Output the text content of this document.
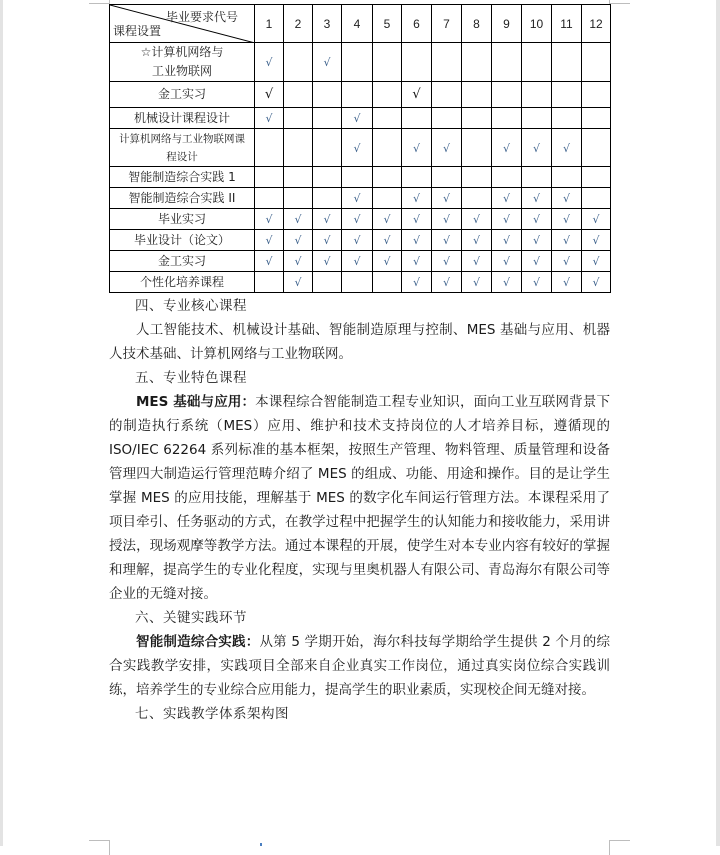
毕业要求代号
课程设置	1	2	3	4	5	6	7	8	9	10	11	12

☆计算机网络与
工业物联网	√		√									

金工实习	√					√						

机械设计课程设计	√			√								

计算机网络与工业物联网课
程设计				√		√	√		√	√	√	

智能制造综合实践 1												

智能制造综合实践 II				√		√	√		√	√	√	

毕业实习	√	√	√	√	√	√	√	√	√	√	√	√

毕业设计（论文）	√	√	√	√	√	√	√	√	√	√	√	√

金工实习	√	√	√	√	√	√	√	√	√	√	√	√

个性化培养课程		√				√	√	√	√	√	√	√
四、专业核心课程
人工智能技术、机械设计基础、智能制造原理与控制、MES 基础与应用、机器人技术基础、计算机网络与工业物联网。
五、专业特色课程
MES 基础与应用：本课程综合智能制造工程专业知识，面向工业互联网背景下的制造执行系统（MES）应用、维护和技术支持岗位的人才培养目标，遵循现的 ISO/IEC 62264 系列标准的基本框架，按照生产管理、物料管理、质量管理和设备管理四大制造运行管理范畴介绍了 MES 的组成、功能、用途和操作。目的是让学生掌握 MES 的应用技能，理解基于 MES 的数字化车间运行管理方法。本课程采用了项目牵引、任务驱动的方式，在教学过程中把握学生的认知能力和接收能力，采用讲授法，现场观摩等教学方法。通过本课程的开展，使学生对本专业内容有较好的掌握和理解，提高学生的专业化程度，实现与里奥机器人有限公司、青岛海尔有限公司等企业的无缝对接。
六、关键实践环节
智能制造综合实践：从第 5 学期开始，海尔科技每学期给学生提供 2 个月的综合实践教学安排，实践项目全部来自企业真实工作岗位，通过真实岗位综合实践训练，培养学生的专业综合应用能力，提高学生的职业素质，实现校企间无缝对接。
七、实践教学体系架构图
